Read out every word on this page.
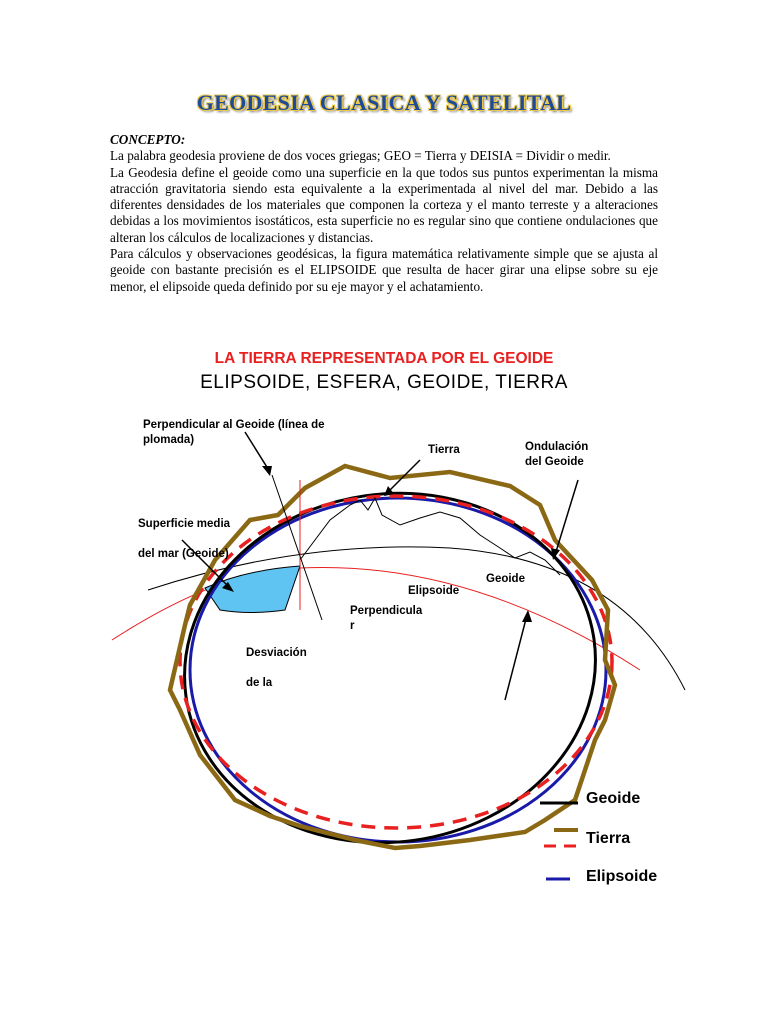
GEODESIA CLASICA Y SATELITAL

CONCEPTO:

La palabra geodesia proviene de dos voces griegas; GEO = Tierra y DEISIA = Dividir o medir.

La Geodesia define el geoide como una superficie en la que todos sus puntos experimentan la misma atracción gravitatoria siendo esta equivalente a la experimentada al nivel del mar. Debido a las diferentes densidades de los materiales que componen la corteza y el manto terreste y a alteraciones debidas a los movimientos isostáticos, esta superficie no es regular sino que contiene ondulaciones que alteran los cálculos de localizaciones y distancias.

Para cálculos y observaciones geodésicas, la figura matemática relativamente simple que se ajusta al geoide con bastante precisión es el ELIPSOIDE que resulta de hacer girar una elipse sobre su eje menor, el elipsoide queda definido por su eje mayor y el achatamiento.

LA TIERRA REPRESENTADA POR EL GEOIDE
ELIPSOIDE, ESFERA, GEOIDE, TIERRA
Perpendicular al Geoide (línea de
plomada)
Tierra	Ondulación
del Geoide
Superficie media

del mar (Geoide)
Geoide
Elipsoide
Perpendicula
r
Desviación

de la
Geoide
Tierra
Elipsoide
